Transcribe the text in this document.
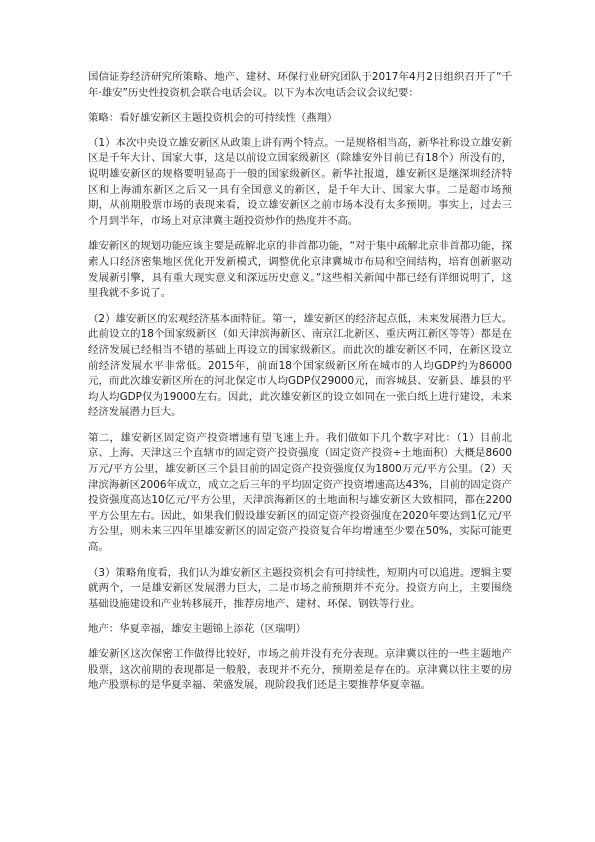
国信证券经济研究所策略、地产、建材、环保行业研究团队于2017年4月2日组织召开了“千年·雄安”历史性投资机会联合电话会议。以下为本次电话会议会议纪要：

策略：看好雄安新区主题投资机会的可持续性（燕翔）

（1）本次中央设立雄安新区从政策上讲有两个特点。一是规格相当高，新华社称设立雄安新区是千年大计、国家大事，这是以前设立国家级新区（除雄安外目前已有18个）所没有的，说明雄安新区的规格要明显高于一般的国家级新区。新华社报道，雄安新区是继深圳经济特区和上海浦东新区之后又一具有全国意义的新区，是千年大计、国家大事。二是超市场预期，从前期股票市场的表现来看，设立雄安新区之前市场本没有太多预期。事实上，过去三个月到半年，市场上对京津冀主题投资炒作的热度并不高。

雄安新区的规划功能应该主要是疏解北京的非首都功能，“对于集中疏解北京非首都功能，探索人口经济密集地区优化开发新模式，调整优化京津冀城市布局和空间结构，培育创新驱动发展新引擎，具有重大现实意义和深远历史意义。”这些相关新闻中都已经有详细说明了，这里我就不多说了。

（2）雄安新区的宏观经济基本面特征。第一，雄安新区的经济起点低，未来发展潜力巨大。此前设立的18个国家级新区（如天津滨海新区、南京江北新区、重庆两江新区等等）都是在经济发展已经相当不错的基础上再设立的国家级新区。而此次的雄安新区不同，在新区设立前经济发展水平非常低。2015年，前面18个国家级新区所在城市的人均GDP约为86000元，而此次雄安新区所在的河北保定市人均GDP仅29000元，而容城县、安新县、雄县的平均人均GDP仅为19000左右。因此，此次雄安新区的设立如同在一张白纸上进行建设，未来经济发展潜力巨大。

第二，雄安新区固定资产投资增速有望飞速上升。我们做如下几个数字对比：（1）目前北京、上海、天津这三个直辖市的固定资产投资强度（固定资产投资÷土地面积）大概是8600万元/平方公里，雄安新区三个县目前的固定资产投资强度仅为1800万元/平方公里。（2）天津滨海新区2006年成立，成立之后三年的平均固定资产投资增速高达43%，目前的固定资产投资强度高达10亿元/平方公里，天津滨海新区的土地面积与雄安新区大致相同，都在2200平方公里左右。因此，如果我们假设雄安新区的固定资产投资强度在2020年要达到1亿元/平方公里，则未来三四年里雄安新区的固定资产投资复合年均增速至少要在50%，实际可能更高。

（3）策略角度看，我们认为雄安新区主题投资机会有可持续性，短期内可以追进。逻辑主要就两个，一是雄安新区发展潜力巨大，二是市场之前预期并不充分。投资方向上，主要围绕基础设施建设和产业转移展开，推荐房地产、建材、环保、钢铁等行业。

地产：华夏幸福，雄安主题锦上添花（区瑞明）

雄安新区这次保密工作做得比较好，市场之前并没有充分表现。京津冀以往的一些主题地产股票，这次前期的表现都是一般般，表现并不充分，预期差是存在的。京津冀以往主要的房地产股票标的是华夏幸福、荣盛发展，现阶段我们还是主要推荐华夏幸福。
